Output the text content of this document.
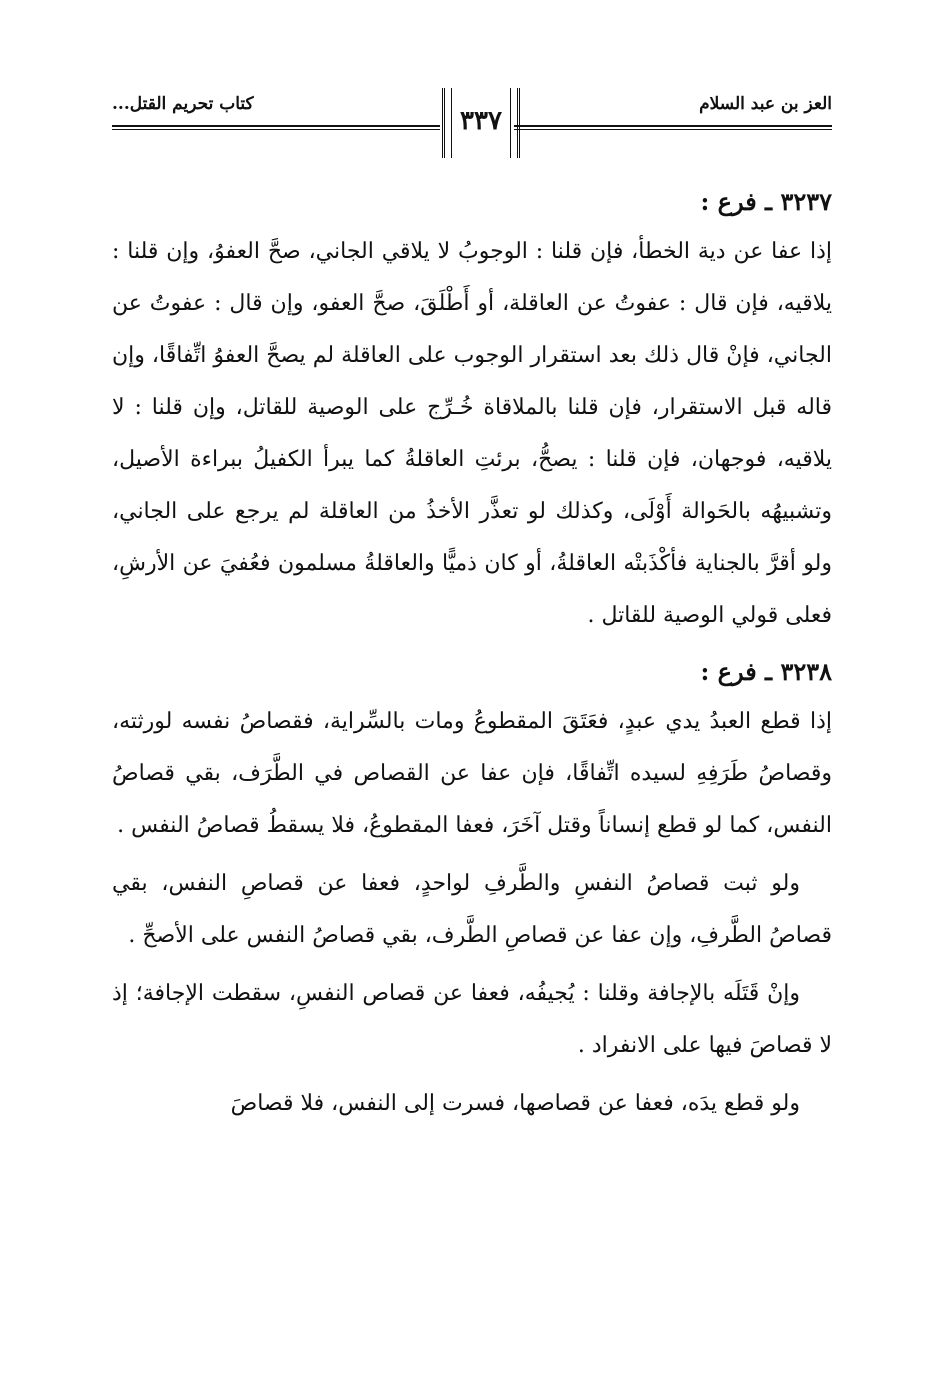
العز بن عبد السلام
كتاب تحريم القتل...
٣٣٧

٣٢٣٧ ـ فرع :

إذا عفا عن دية الخطأ، فإن قلنا : الوجوبُ لا يلاقي الجاني، صحَّ العفوُ، وإن قلنا : يلاقيه، فإن قال : عفوتُ عن العاقلة، أو أَطْلَقَ، صحَّ العفو، وإن قال : عفوتُ عن الجاني، فإنْ قال ذلك بعد استقرار الوجوب على العاقلة لم يصحَّ العفوُ اتِّفاقًا، وإن قاله قبل الاستقرار، فإن قلنا بالملاقاة خُـرِّج على الوصية للقاتل، وإن قلنا : لا يلاقيه، فوجهان، فإن قلنا : يصحُّ، برئتِ العاقلةُ كما يبرأ الكفيلُ ببراءة الأصيل، وتشبيهُه بالحَوالة أَوْلَى، وكذلك لو تعذَّر الأخذُ من العاقلة لم يرجع على الجاني، ولو أقرَّ بالجناية فأكْذَبتْه العاقلةُ، أو كان ذميًّا والعاقلةُ مسلمون فعُفيَ عن الأرشِ، فعلى قولي الوصية للقاتل .

٣٢٣٨ ـ فرع :

إذا قطع العبدُ يدي عبدٍ، فعَتَقَ المقطوعُ ومات بالسِّراية، فقصاصُ نفسه لورثته، وقصاصُ طَرَفِهِ لسيده اتِّفاقًا، فإن عفا عن القصاص في الطَّرَف، بقي قصاصُ النفس، كما لو قطع إنساناً وقتل آخَرَ، فعفا المقطوعُ، فلا يسقطُ قصاصُ النفس .

ولو ثبت قصاصُ النفسِ والطَّرفِ لواحدٍ، فعفا عن قصاصِ النفس، بقي قصاصُ الطَّرفِ، وإن عفا عن قصاصِ الطَّرف، بقي قصاصُ النفس على الأصحِّ .

وإنْ قَتَلَه بالإجافة وقلنا : يُجيفُه، فعفا عن قصاص النفسِ، سقطت الإجافة؛ إذ لا قصاصَ فيها على الانفراد .

ولو قطع يدَه، فعفا عن قصاصها، فسرت إلى النفس، فلا قصاصَ
